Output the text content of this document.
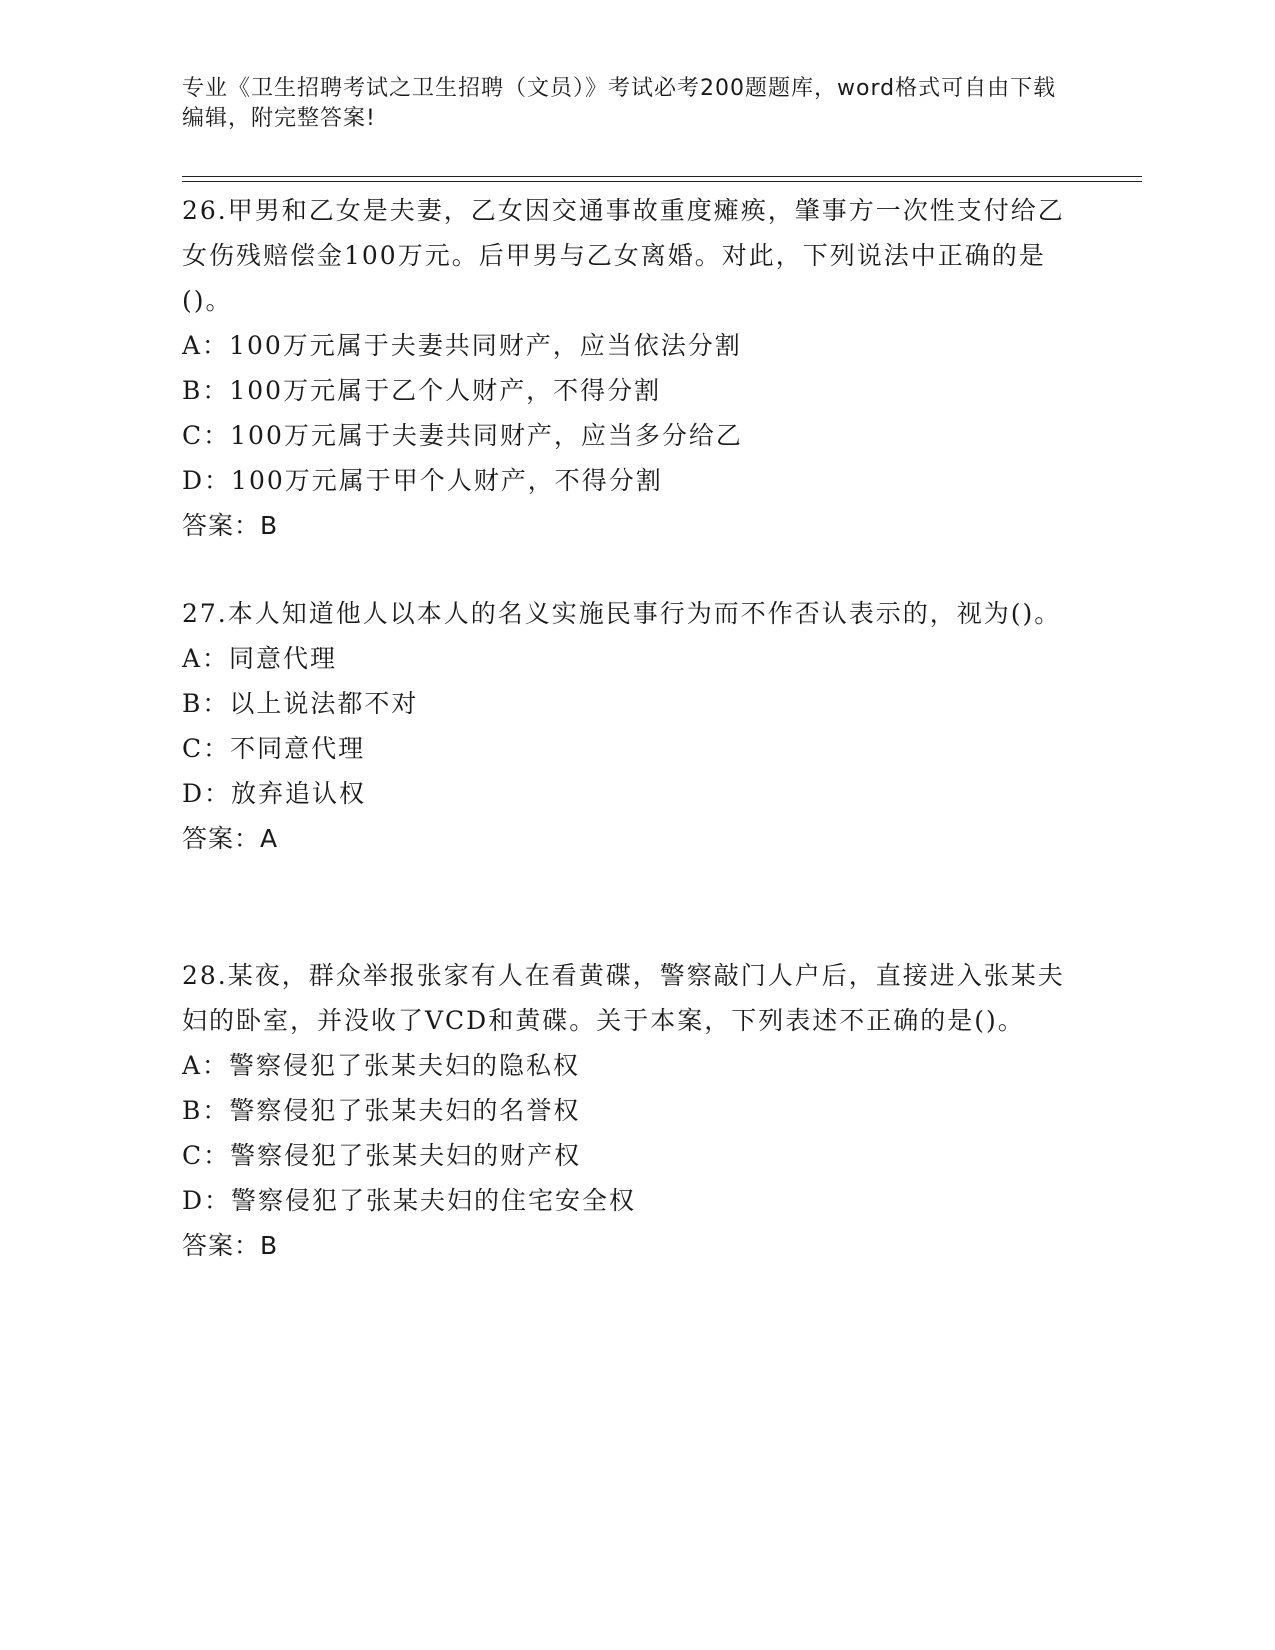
专业《卫生招聘考试之卫生招聘（文员）》考试必考200题题库，word格式可自由下载编辑，附完整答案!

26.甲男和乙女是夫妻，乙女因交通事故重度瘫痪，肇事方一次性支付给乙女伤残赔偿金100万元。后甲男与乙女离婚。对此，下列说法中正确的是()。

A：100万元属于夫妻共同财产，应当依法分割
B：100万元属于乙个人财产，不得分割
C：100万元属于夫妻共同财产，应当多分给乙
D：100万元属于甲个人财产，不得分割
答案：B

27.本人知道他人以本人的名义实施民事行为而不作否认表示的，视为()。

A：同意代理
B：以上说法都不对
C：不同意代理
D：放弃追认权
答案：A

28.某夜，群众举报张家有人在看黄碟，警察敲门人户后，直接进入张某夫妇的卧室，并没收了VCD和黄碟。关于本案，下列表述不正确的是()。

A：警察侵犯了张某夫妇的隐私权
B：警察侵犯了张某夫妇的名誉权
C：警察侵犯了张某夫妇的财产权
D：警察侵犯了张某夫妇的住宅安全权
答案：B
